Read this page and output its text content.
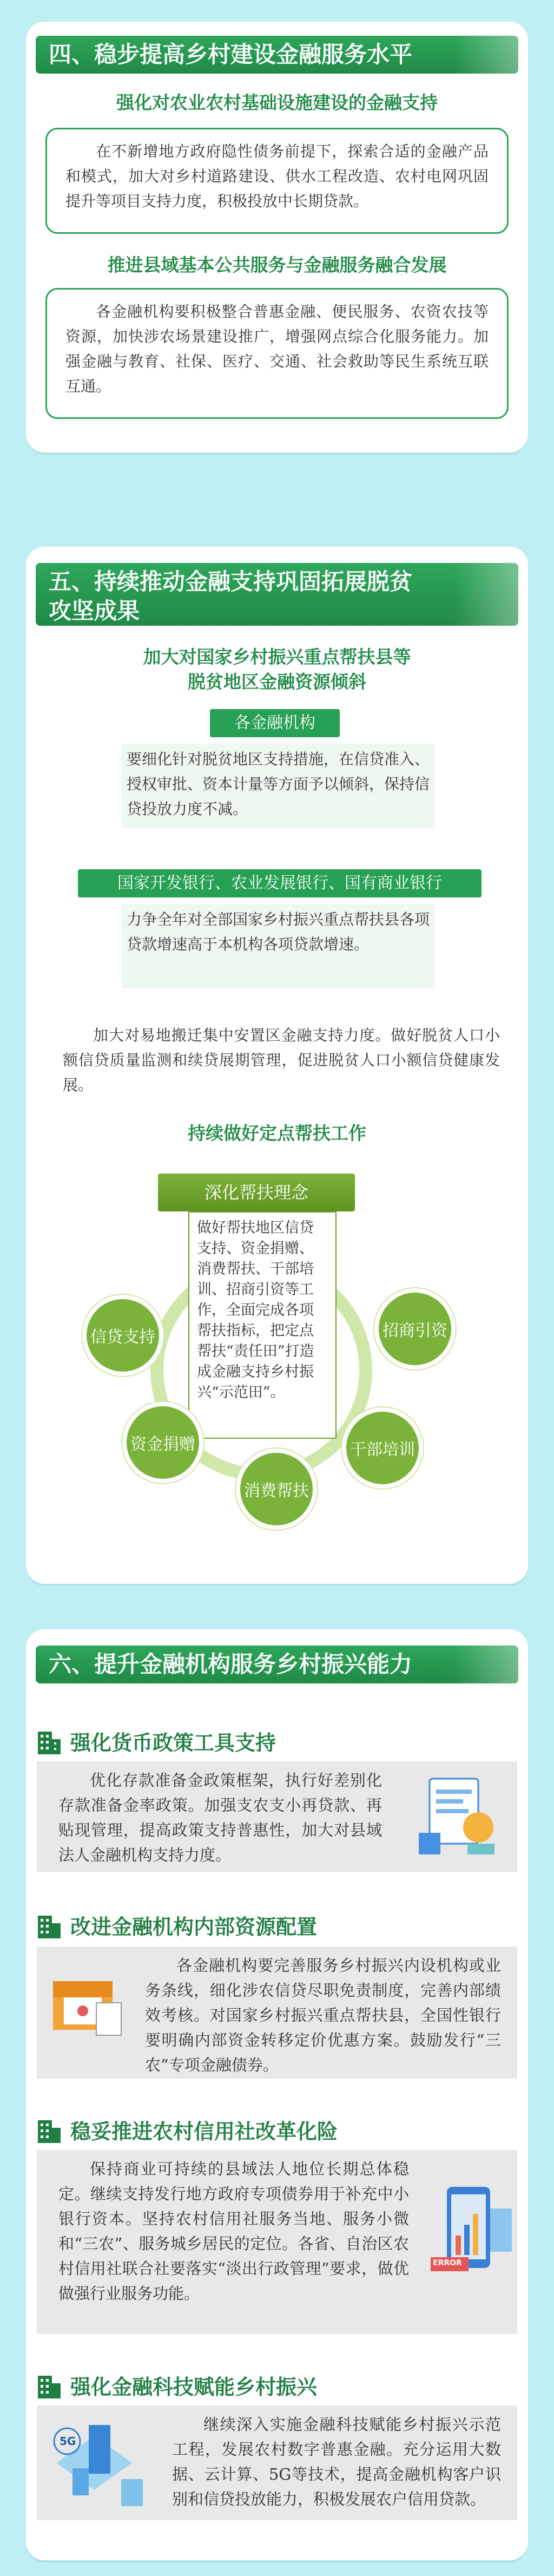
四、稳步提高乡村建设金融服务水平
强化对农业农村基础设施建设的金融支持
在不新增地方政府隐性债务前提下，探索合适的金融产品和模式，加大对乡村道路建设、供水工程改造、农村电网巩固提升等项目支持力度，积极投放中长期贷款。
推进县域基本公共服务与金融服务融合发展
各金融机构要积极整合普惠金融、便民服务、农资农技等资源，加快涉农场景建设推广，增强网点综合化服务能力。加强金融与教育、社保、医疗、交通、社会救助等民生系统互联互通。
五、持续推动金融支持巩固拓展脱贫攻坚成果
加大对国家乡村振兴重点帮扶县等
脱贫地区金融资源倾斜
各金融机构
要细化针对脱贫地区支持措施，在信贷准入、授权审批、资本计量等方面予以倾斜，保持信贷投放力度不减。
国家开发银行、农业发展银行、国有商业银行
力争全年对全部国家乡村振兴重点帮扶县各项贷款增速高于本机构各项贷款增速。
加大对易地搬迁集中安置区金融支持力度。做好脱贫人口小额信贷质量监测和续贷展期管理，促进脱贫人口小额信贷健康发展。
持续做好定点帮扶工作
深化帮扶理念
做好帮扶地区信贷支持、资金捐赠、消费帮扶、干部培训、招商引资等工作，全面完成各项帮扶指标，把定点帮扶“责任田”打造成金融支持乡村振兴“示范田”。
信贷支持	招商引资
资金捐赠	干部培训
消费帮扶
六、提升金融机构服务乡村振兴能力
强化货币政策工具支持
优化存款准备金政策框架，执行好差别化存款准备金率政策。加强支农支小再贷款、再贴现管理，提高政策支持普惠性，加大对县域法人金融机构支持力度。
改进金融机构内部资源配置
各金融机构要完善服务乡村振兴内设机构或业务条线，细化涉农信贷尽职免责制度，完善内部绩效考核。对国家乡村振兴重点帮扶县，全国性银行要明确内部资金转移定价优惠方案。鼓励发行“三农”专项金融债券。
稳妥推进农村信用社改革化险
保持商业可持续的县域法人地位长期总体稳定。继续支持发行地方政府专项债券用于补充中小银行资本。坚持农村信用社服务当地、服务小微和“三农”、服务城乡居民的定位。各省、自治区农村信用社联合社要落实“淡出行政管理”要求，做优做强行业服务功能。
ERROR
强化金融科技赋能乡村振兴
继续深入实施金融科技赋能乡村振兴示范工程，发展农村数字普惠金融。充分运用大数据、云计算、5G等技术，提高金融机构客户识别和信贷投放能力，积极发展农户信用贷款。
5G
